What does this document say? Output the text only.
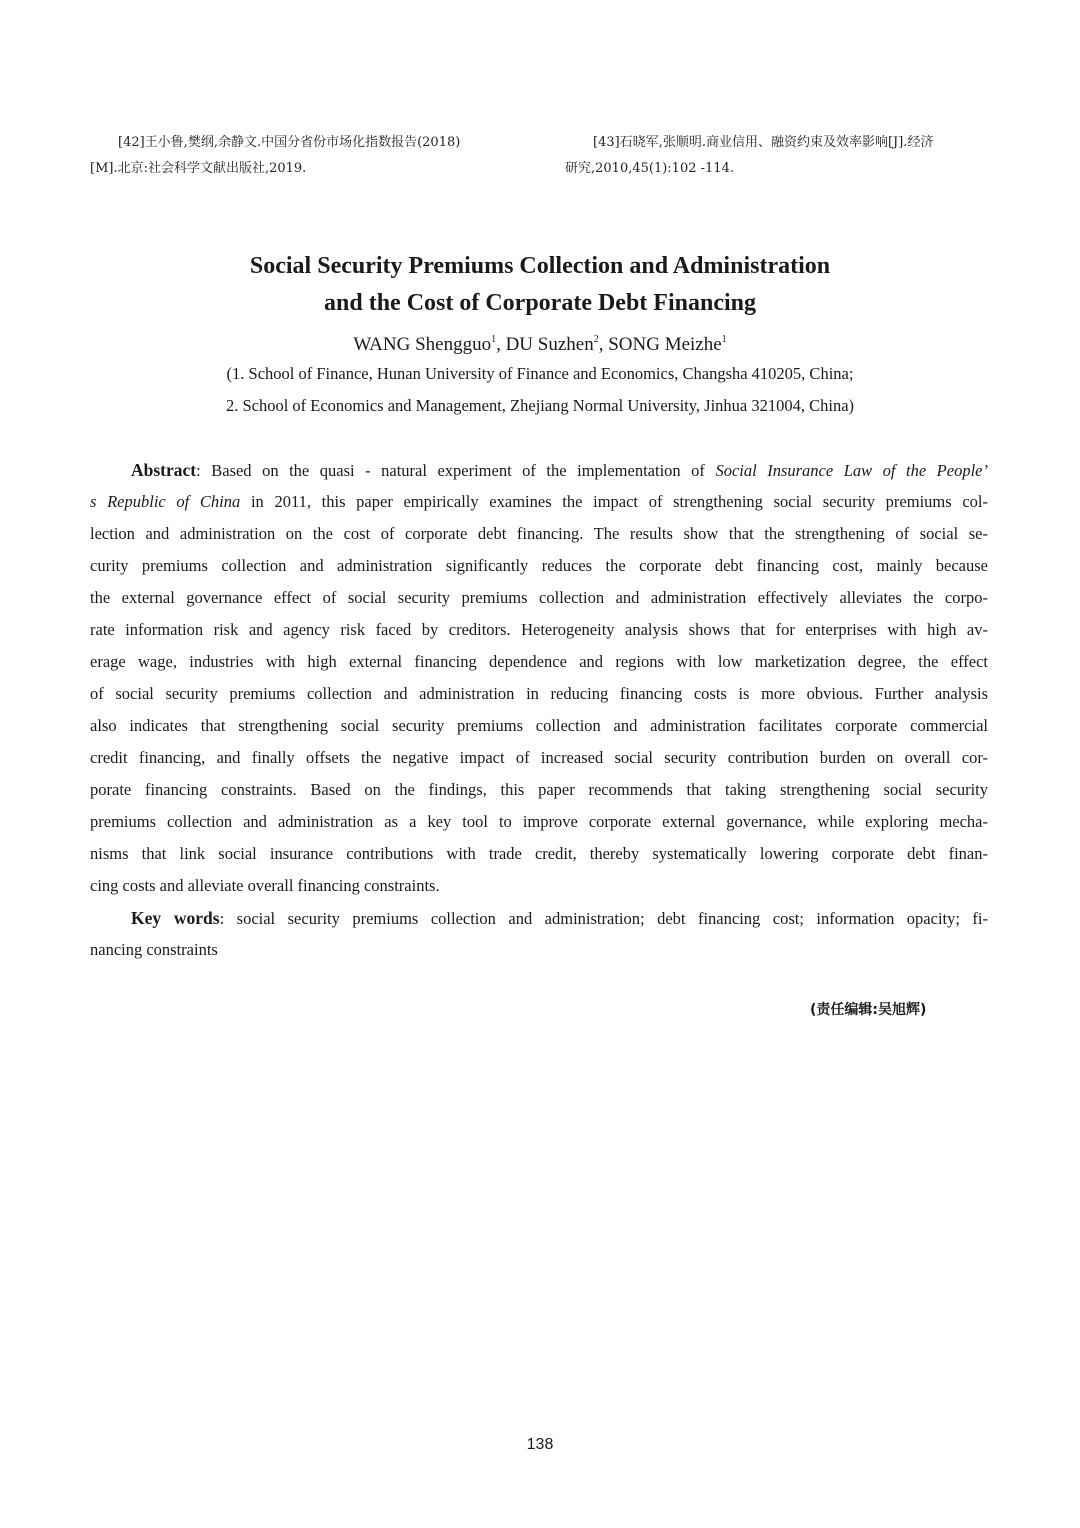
[42]王小鲁,樊纲,余静文.中国分省份市场化指数报告(2018)
[M].北京:社会科学文献出版社,2019.
[43]石晓军,张顺明.商业信用、融资约束及效率影响[J].经济
研究,2010,45(1):102 -114.
Social Security Premiums Collection and Administration
and the Cost of Corporate Debt Financing
WANG Shengguo$^1$, DU Suzhen$^2$, SONG Meizhe$^1$
(1. School of Finance, Hunan University of Finance and Economics, Changsha 410205, China;
2. School of Economics and Management, Zhejiang Normal University, Jinhua 321004, China)
Abstract: Based on the quasi - natural experiment of the implementation of Social Insurance Law of the People’
s Republic of China in 2011, this paper empirically examines the impact of strengthening social security premiums col-
lection and administration on the cost of corporate debt financing. The results show that the strengthening of social se-
curity premiums collection and administration significantly reduces the corporate debt financing cost, mainly because
the external governance effect of social security premiums collection and administration effectively alleviates the corpo-
rate information risk and agency risk faced by creditors. Heterogeneity analysis shows that for enterprises with high av-
erage wage, industries with high external financing dependence and regions with low marketization degree, the effect
of social security premiums collection and administration in reducing financing costs is more obvious. Further analysis
also indicates that strengthening social security premiums collection and administration facilitates corporate commercial
credit financing, and finally offsets the negative impact of increased social security contribution burden on overall cor-
porate financing constraints. Based on the findings, this paper recommends that taking strengthening social security
premiums collection and administration as a key tool to improve corporate external governance, while exploring mecha-
nisms that link social insurance contributions with trade credit, thereby systematically lowering corporate debt finan-
cing costs and alleviate overall financing constraints.
Key words: social security premiums collection and administration; debt financing cost; information opacity; fi-
nancing constraints
(责任编辑:吴旭辉)
138
